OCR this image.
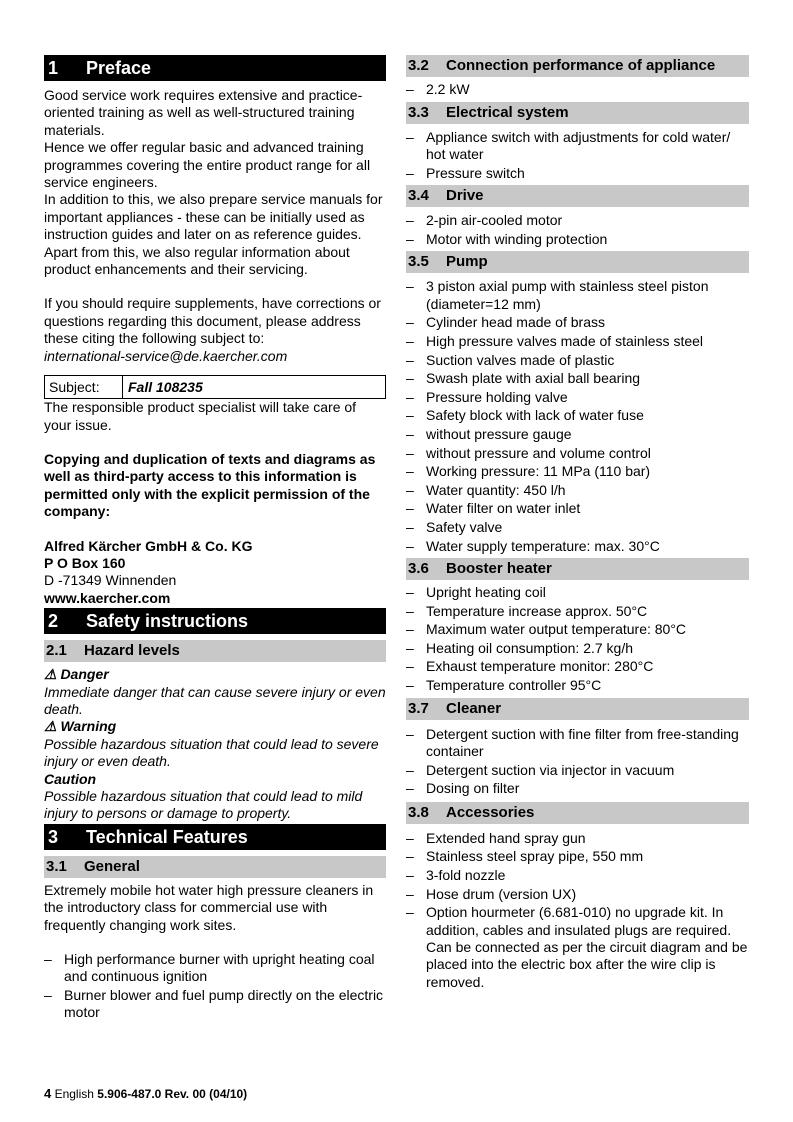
1 Preface

Good service work requires extensive and practice-oriented training as well as well-structured training materials.

Hence we offer regular basic and advanced training programmes covering the entire product range for all service engineers.

In addition to this, we also prepare service manuals for important appliances - these can be initially used as instruction guides and later on as reference guides.

Apart from this, we also regular information about product enhancements and their servicing.

If you should require supplements, have corrections or questions regarding this document, please address these citing the following subject to:

international-service@de.kaercher.com

Subject:	Fall 108235

The responsible product specialist will take care of your issue.

Copying and duplication of texts and diagrams as well as third-party access to this information is permitted only with the explicit permission of the company:

Alfred Kärcher GmbH & Co. KG

P O Box 160

D -71349 Winnenden

www.kaercher.com

2 Safety instructions
2.1 Hazard levels

⚠ Danger

Immediate danger that can cause severe injury or even death.

⚠ Warning

Possible hazardous situation that could lead to severe injury or even death.

Caution

Possible hazardous situation that could lead to mild injury to persons or damage to property.

3 Technical Features
3.1 General

Extremely mobile hot water high pressure cleaners in the introductory class for commercial use with frequently changing work sites.

– High performance burner with upright heating coal and continuous ignition
– Burner blower and fuel pump directly on the electric motor
3.2 Connection performance of appliance
– 2.2 kW
3.3 Electrical system
– Appliance switch with adjustments for cold water/ hot water
– Pressure switch
3.4 Drive
– 2-pin air-cooled motor
– Motor with winding protection
3.5 Pump
– 3 piston axial pump with stainless steel piston (diameter=12 mm)
– Cylinder head made of brass
– High pressure valves made of stainless steel
– Suction valves made of plastic
– Swash plate with axial ball bearing
– Pressure holding valve
– Safety block with lack of water fuse
– without pressure gauge
– without pressure and volume control
– Working pressure: 11 MPa (110 bar)
– Water quantity: 450 l/h
– Water filter on water inlet
– Safety valve
– Water supply temperature: max. 30°C
3.6 Booster heater
– Upright heating coil
– Temperature increase approx. 50°C
– Maximum water output temperature: 80°C
– Heating oil consumption: 2.7 kg/h
– Exhaust temperature monitor: 280°C
– Temperature controller 95°C
3.7 Cleaner
– Detergent suction with fine filter from free-standing container
– Detergent suction via injector in vacuum
– Dosing on filter
3.8 Accessories
– Extended hand spray gun
– Stainless steel spray pipe, 550 mm
– 3-fold nozzle
– Hose drum (version UX)
– Option hourmeter (6.681-010) no upgrade kit. In addition, cables and insulated plugs are required. Can be connected as per the circuit diagram and be placed into the electric box after the wire clip is removed.
4 English 5.906-487.0 Rev. 00 (04/10)
